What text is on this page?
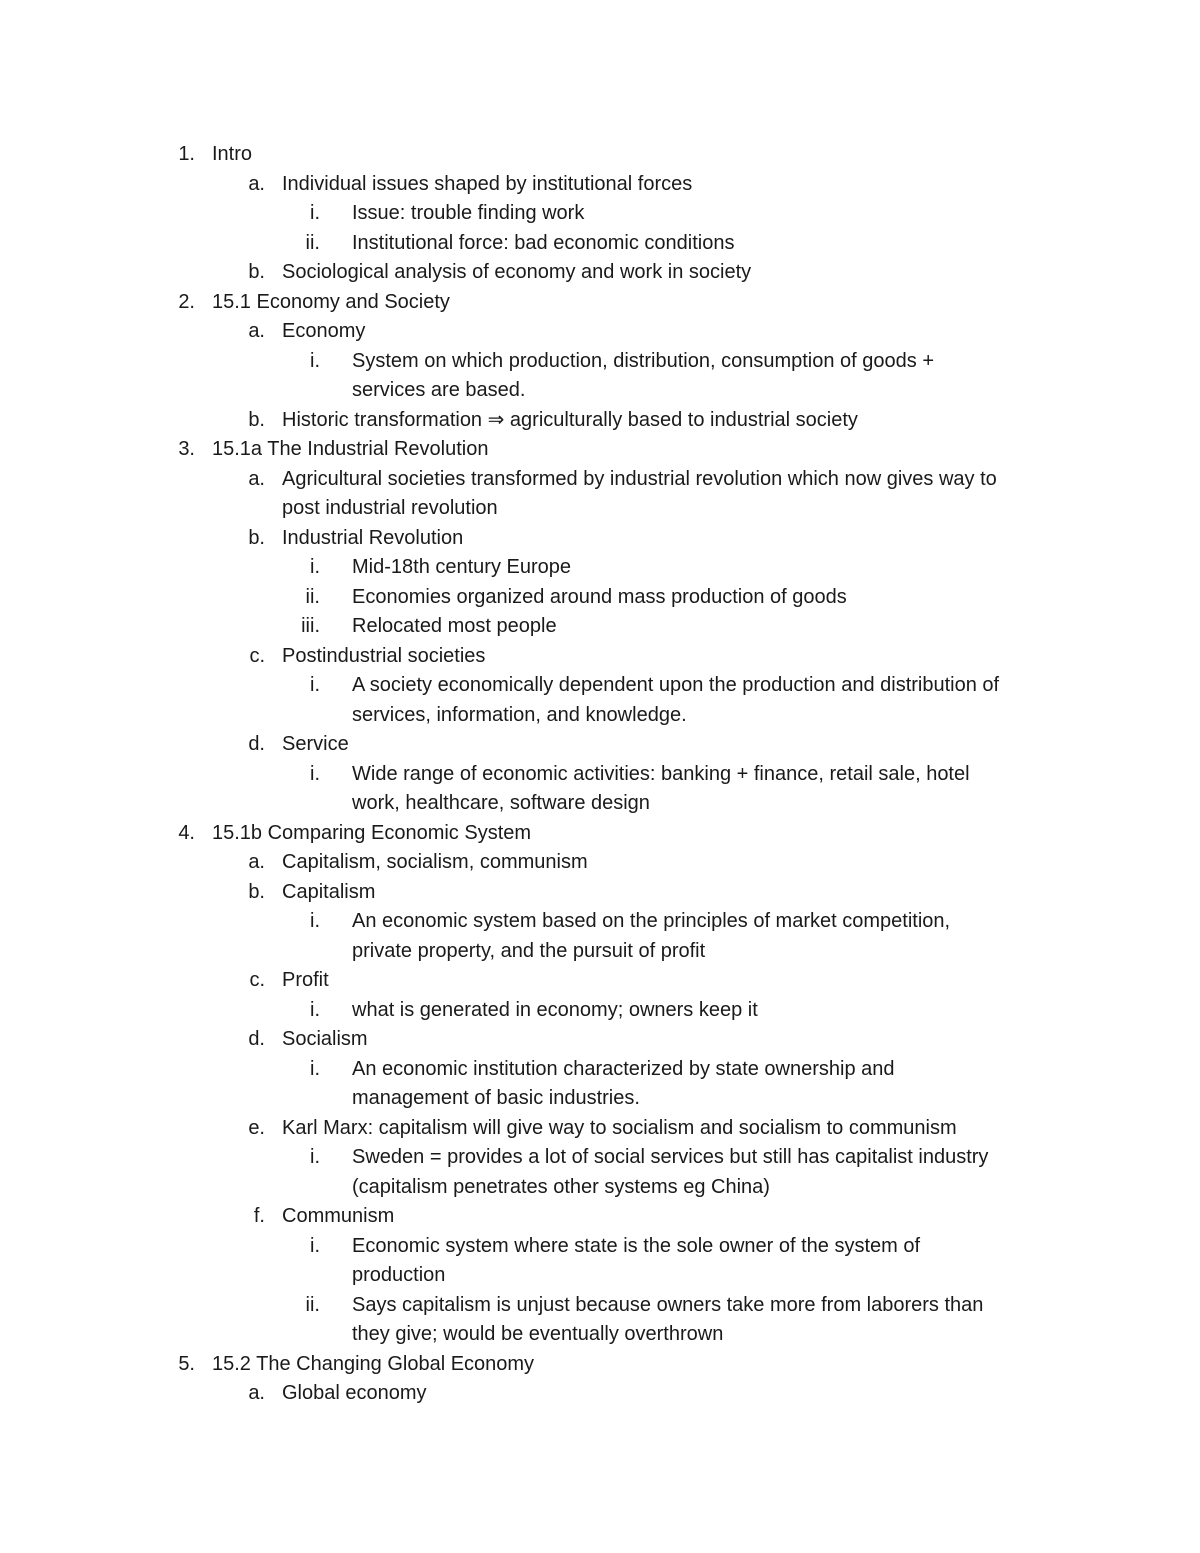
1. Intro
a. Individual issues shaped by institutional forces
i. Issue: trouble finding work
ii. Institutional force: bad economic conditions
b. Sociological analysis of economy and work in society
2. 15.1 Economy and Society
a. Economy
i. System on which production, distribution, consumption of goods +
services are based.
b. Historic transformation ⇒ agriculturally based to industrial society
3. 15.1a The Industrial Revolution
a. Agricultural societies transformed by industrial revolution which now gives way to
post industrial revolution
b. Industrial Revolution
i. Mid-18th century Europe
ii. Economies organized around mass production of goods
iii. Relocated most people
c. Postindustrial societies
i. A society economically dependent upon the production and distribution of
services, information, and knowledge.
d. Service
i. Wide range of economic activities: banking + finance, retail sale, hotel
work, healthcare, software design
4. 15.1b Comparing Economic System
a. Capitalism, socialism, communism
b. Capitalism
i. An economic system based on the principles of market competition,
private property, and the pursuit of profit
c. Profit
i. what is generated in economy; owners keep it
d. Socialism
i. An economic institution characterized by state ownership and
management of basic industries.
e. Karl Marx: capitalism will give way to socialism and socialism to communism
i. Sweden = provides a lot of social services but still has capitalist industry
(capitalism penetrates other systems eg China)
f. Communism
i. Economic system where state is the sole owner of the system of
production
ii. Says capitalism is unjust because owners take more from laborers than
they give; would be eventually overthrown
5. 15.2 The Changing Global Economy
a. Global economy
